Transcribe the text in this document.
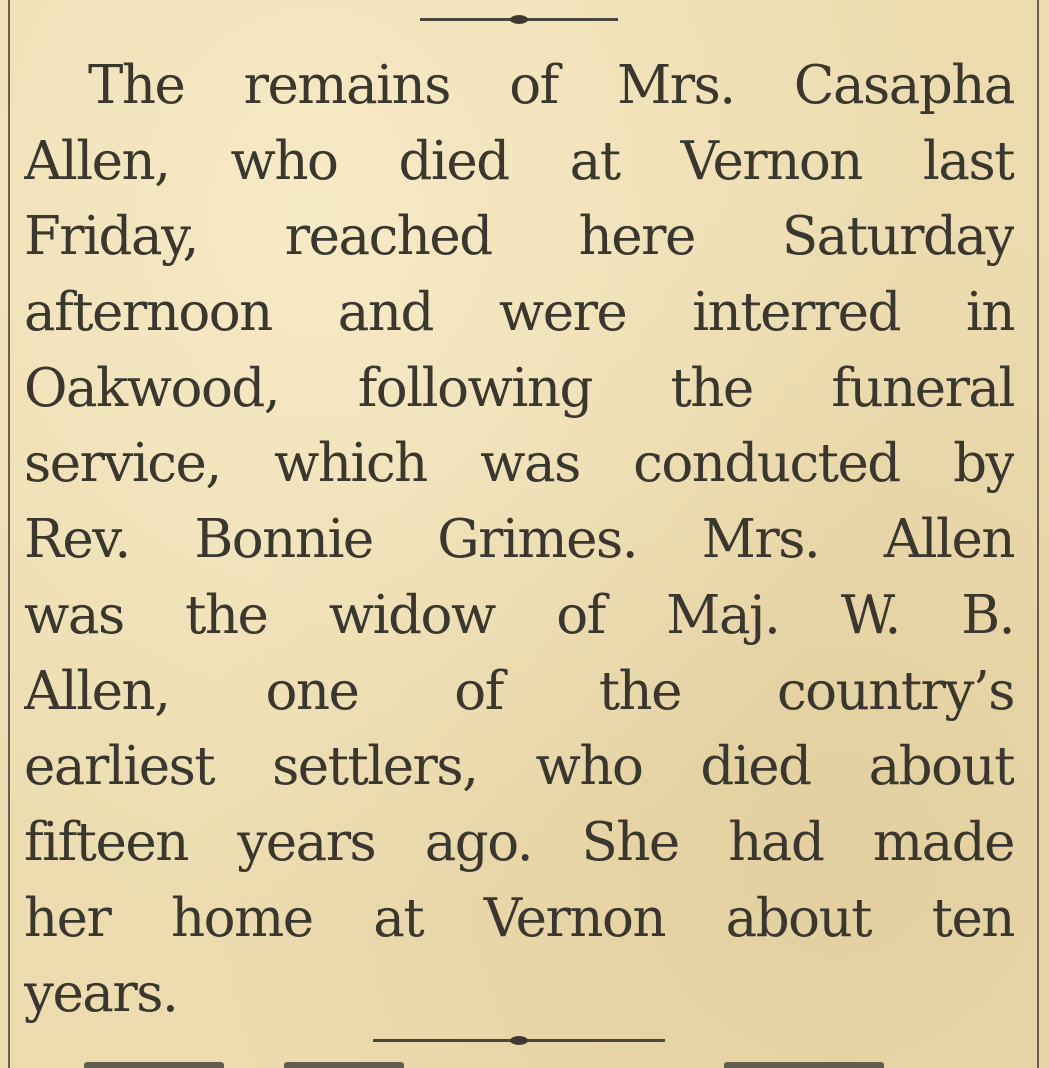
The remains of Mrs. Casapha
Allen, who died at Vernon last
Friday, reached here Saturday
afternoon and were interred in
Oakwood, following the funeral
service, which was conducted by
Rev. Bonnie Grimes. Mrs. Allen
was the widow of Maj. W. B.
Allen, one of the country’s
earliest settlers, who died about
fifteen years ago. She had made
her home at Vernon about ten
years.
